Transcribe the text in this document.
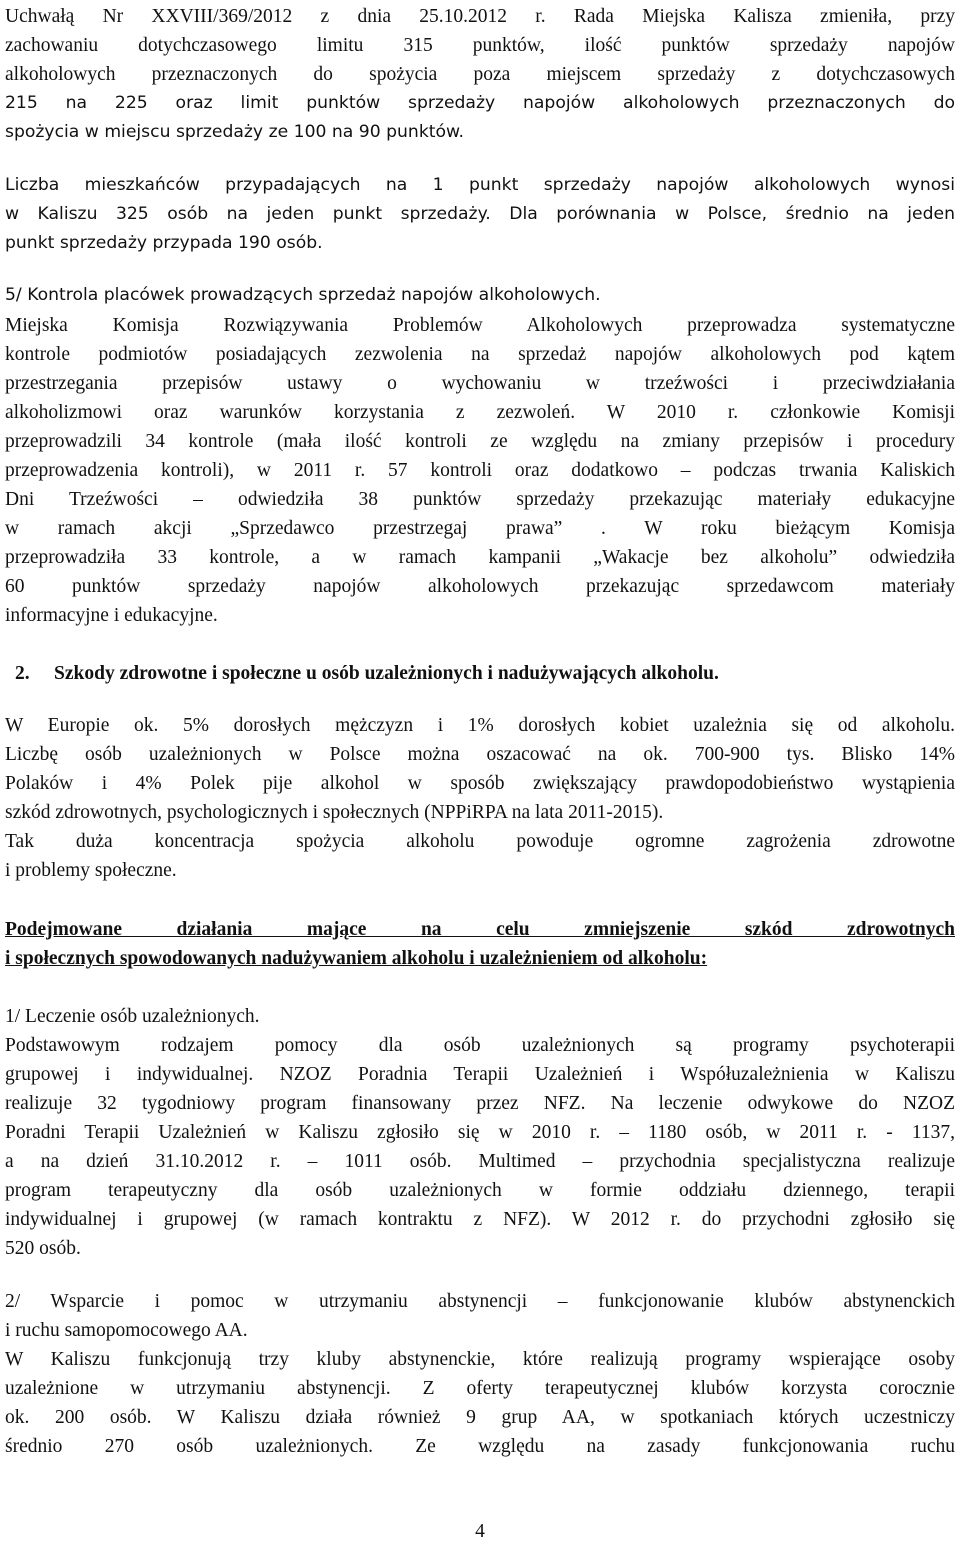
Uchwałą Nr XXVIII/369/2012 z dnia 25.10.2012 r. Rada Miejska Kalisza zmieniła, przy
zachowaniu dotychczasowego limitu 315 punktów, ilość punktów sprzedaży napojów
alkoholowych przeznaczonych do spożycia poza miejscem sprzedaży z dotychczasowych
215 na 225 oraz limit punktów sprzedaży napojów alkoholowych przeznaczonych do
spożycia w miejscu sprzedaży ze 100 na 90 punktów.
Liczba mieszkańców przypadających na 1 punkt sprzedaży napojów alkoholowych wynosi
w Kaliszu 325 osób na jeden punkt sprzedaży. Dla porównania w Polsce, średnio na jeden
punkt sprzedaży przypada 190 osób.
5/ Kontrola placówek prowadzących sprzedaż napojów alkoholowych.
Miejska Komisja Rozwiązywania Problemów Alkoholowych przeprowadza systematyczne
kontrole podmiotów posiadających zezwolenia na sprzedaż napojów alkoholowych pod kątem
przestrzegania przepisów ustawy o wychowaniu w trzeźwości i przeciwdziałania
alkoholizmowi oraz warunków korzystania z zezwoleń. W 2010 r. członkowie Komisji
przeprowadzili 34 kontrole (mała ilość kontroli ze względu na zmiany przepisów i procedury
przeprowadzenia kontroli), w 2011 r. 57 kontroli oraz dodatkowo – podczas trwania Kaliskich
Dni Trzeźwości – odwiedziła 38 punktów sprzedaży przekazując materiały edukacyjne
w ramach akcji „Sprzedawco przestrzegaj prawa” . W roku bieżącym Komisja
przeprowadziła 33 kontrole, a w ramach kampanii „Wakacje bez alkoholu” odwiedziła
60 punktów sprzedaży napojów alkoholowych przekazując sprzedawcom materiały
informacyjne i edukacyjne.
2. Szkody zdrowotne i społeczne u osób uzależnionych i nadużywających alkoholu.
W Europie ok. 5% dorosłych mężczyzn i 1% dorosłych kobiet uzależnia się od alkoholu.
Liczbę osób uzależnionych w Polsce można oszacować na ok. 700-900 tys. Blisko 14%
Polaków i 4% Polek pije alkohol w sposób zwiększający prawdopodobieństwo wystąpienia
szkód zdrowotnych, psychologicznych i społecznych (NPPiRPA na lata 2011-2015).
Tak duża koncentracja spożycia alkoholu powoduje ogromne zagrożenia zdrowotne
i problemy społeczne.
Podejmowane działania mające na celu zmniejszenie szkód zdrowotnych
i społecznych spowodowanych nadużywaniem alkoholu i uzależnieniem od alkoholu:
1/ Leczenie osób uzależnionych.
Podstawowym rodzajem pomocy dla osób uzależnionych są programy psychoterapii
grupowej i indywidualnej. NZOZ Poradnia Terapii Uzależnień i Współuzależnienia w Kaliszu
realizuje 32 tygodniowy program finansowany przez NFZ. Na leczenie odwykowe do NZOZ
Poradni Terapii Uzależnień w Kaliszu zgłosiło się w 2010 r. – 1180 osób, w 2011 r. - 1137,
a na dzień 31.10.2012 r. – 1011 osób. Multimed – przychodnia specjalistyczna realizuje
program terapeutyczny dla osób uzależnionych w formie oddziału dziennego, terapii
indywidualnej i grupowej (w ramach kontraktu z NFZ). W 2012 r. do przychodni zgłosiło się
520 osób.
2/ Wsparcie i pomoc w utrzymaniu abstynencji – funkcjonowanie klubów abstynenckich
i ruchu samopomocowego AA.
W Kaliszu funkcjonują trzy kluby abstynenckie, które realizują programy wspierające osoby
uzależnione w utrzymaniu abstynencji. Z oferty terapeutycznej klubów korzysta corocznie
ok. 200 osób. W Kaliszu działa również 9 grup AA, w spotkaniach których uczestniczy
średnio 270 osób uzależnionych. Ze względu na zasady funkcjonowania ruchu
4
